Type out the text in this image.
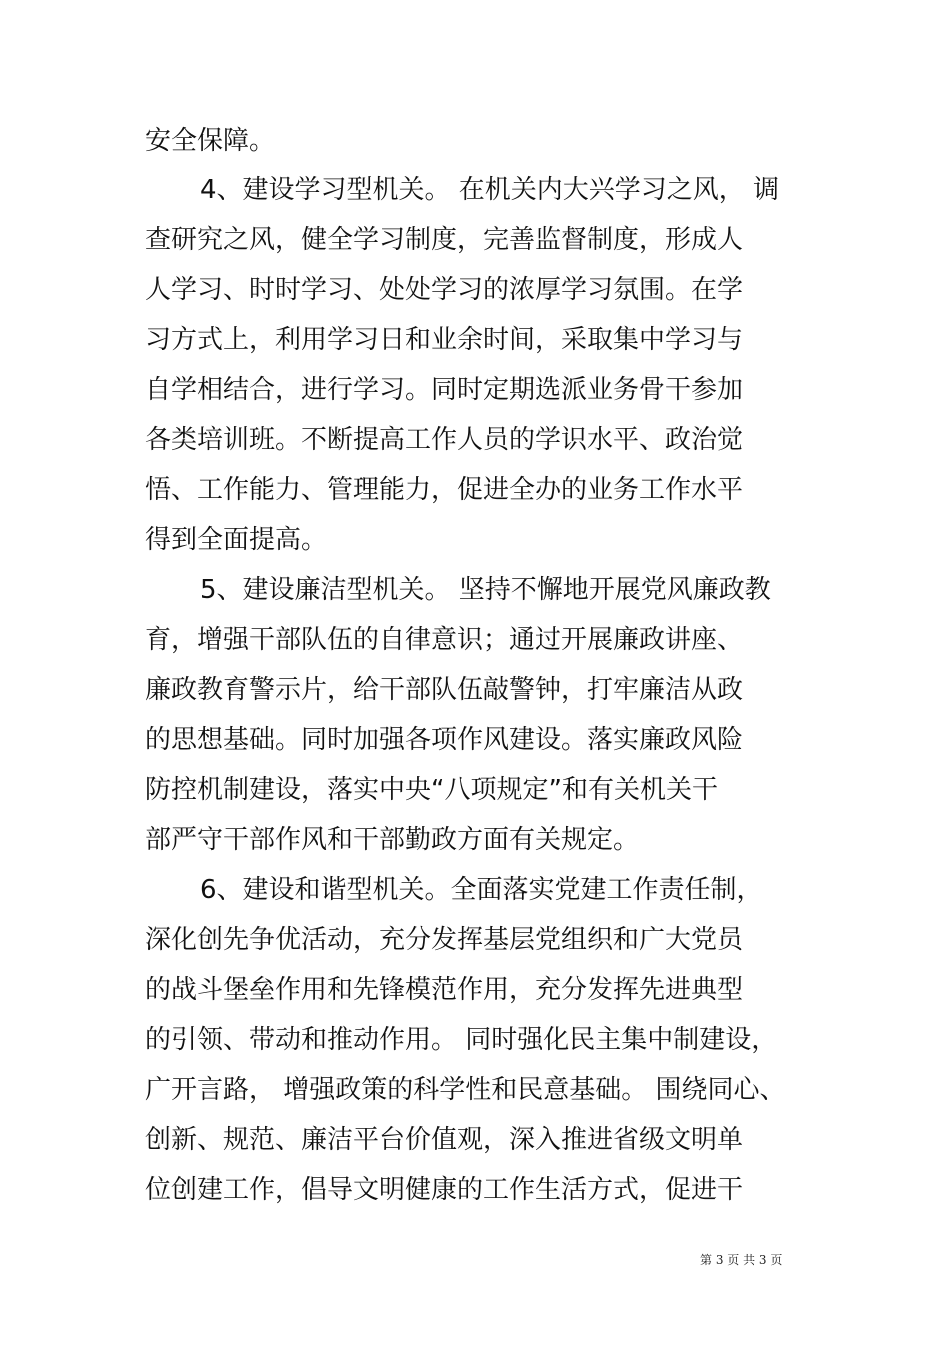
安全保障。
4、建设学习型机关。 在机关内大兴学习之风， 调
查研究之风，健全学习制度，完善监督制度，形成人
人学习、时时学习、处处学习的浓厚学习氛围。在学
习方式上，利用学习日和业余时间，采取集中学习与
自学相结合，进行学习。同时定期选派业务骨干参加
各类培训班。不断提高工作人员的学识水平、政治觉
悟、工作能力、管理能力，促进全办的业务工作水平
得到全面提高。
5、建设廉洁型机关。 坚持不懈地开展党风廉政教
育，增强干部队伍的自律意识；通过开展廉政讲座、
廉政教育警示片，给干部队伍敲警钟，打牢廉洁从政
的思想基础。同时加强各项作风建设。落实廉政风险
防控机制建设，落实中央“八项规定”和有关机关干
部严守干部作风和干部勤政方面有关规定。
6、建设和谐型机关。全面落实党建工作责任制，
深化创先争优活动，充分发挥基层党组织和广大党员
的战斗堡垒作用和先锋模范作用，充分发挥先进典型
的引领、带动和推动作用。 同时强化民主集中制建设，
广开言路， 增强政策的科学性和民意基础。 围绕同心、
创新、规范、廉洁平台价值观，深入推进省级文明单
位创建工作，倡导文明健康的工作生活方式，促进干
第 3 页 共 3 页
